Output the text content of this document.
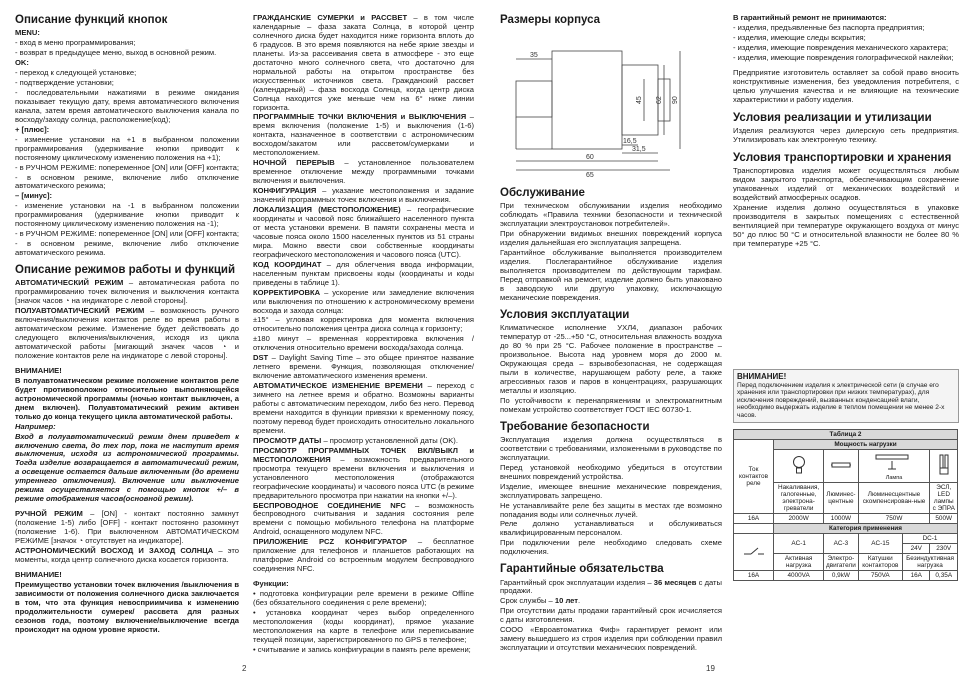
Описание функций кнопок

MENU:

- вход в меню программирования;

- возврат в предыдущее меню, выход в основной режим.

OK:

- переход к следующей установке;

- подтверждение установки;

- последовательными нажатиями в режиме ожидания показывает текущую дату, время автоматического включения канала, затем время автоматического выключения канала по восходу/заходу солнца, расположение(код);

+ [плюс]:

- изменение установки на +1 в выбранном положении программирования (удерживание кнопки приводит к постоянному циклическому изменению положения на +1);

- в РУЧНОМ РЕЖИМЕ: попеременное [ON] или [OFF] контакта;

- в основном режиме, включение либо отключение автоматического режима;

– [минус]:

- изменение установки на -1 в выбранном положении программирования (удерживание кнопки приводит к постоянному циклическому изменению положения на -1);

- в РУЧНОМ РЕЖИМЕ: попеременное [ON] или [OFF] контакта;

- в основном режиме, включение либо отключение автоматического режима.

Описание режимов работы и функций

АВТОМАТИЧЕСКИЙ РЕЖИМ – автоматическая работа по программированию точек включения и выключения контакта [значок часов ◔ на индикаторе с левой стороны].

ПОЛУАВТОМАТИЧЕСКИЙ РЕЖИМ – возможность ручного включения/выключения контактов реле во время работы в автоматическом режиме. Изменение будет действовать до следующего включения/выключения, исходя из цикла автоматической работы [мигающий значек часов ◔ и положение контактов реле на индикаторе с левой стороны].

ВНИМАНИЕ!

В полуавтоматическом режиме положение контактов реле будет противоположно относительно выполняющейся астрономической программы (ночью контакт выключен, а днем включен). Полуавтоматический режим активен только до конца текущего цикла автоматической работы.

Например:

Вход в полуавтоматический режим днем приведет к включению света, до тех пор, пока не наступит время выключения, исходя из астрономической программы. Тогда изделие возвращается в автоматический режим, а освещение остается дальше включенным (до времени утреннего отключения). Включение или выключение режима осуществляется с помощью кнопок +/– в режиме отображения часов(основной режим).

РУЧНОЙ РЕЖИМ – [ON] - контакт постоянно замкнут (положение 1-5) либо [OFF] - контакт постоянно разомкнут (положение 1-6). При выключенном АВТОМАТИЧЕСКОМ РЕЖИМЕ [значок ◔ отсутствует на индикаторе].

АСТРОНОМИЧЕСКИЙ ВОСХОД И ЗАХОД СОЛНЦА – это моменты, когда центр солнечного диска косается горизонта.

ВНИМАНИЕ!

Преимущество установки точек включения /выключения в зависимости от положения солнечного диска заключается в том, что эта функция невосприимчива к изменению продолжительности сумерек/ рассвета для разных сезонов года, поэтому включение/выключение всегда происходит на одном уровне яркости.

ГРАЖДАНСКИЕ СУМЕРКИ и РАССВЕТ – в том числе календарные – фаза заката Солнца, в которой центр солнечного диска будет находится ниже горизонта вплоть до 6 градусов. В это время появляются на небе яркие звезды и планеты. Из-за рассеивания света в атмосфере - это еще достаточно много солнечного света, что достаточно для нормальной работы на открытом пространстве без искусственных источников света. Гражданский рассвет (календарный) – фаза восхода Солнца, когда центр диска Солнца находится уже меньше чем на 6° ниже линии горизонта.

ПРОГРАММНЫЕ ТОЧКИ ВКЛЮЧЕНИЯ и ВЫКЛЮЧЕНИЯ – время включения (положение 1-5) и выключения (1-6) контакта, назначенное в соответствии с астрономическим восходом/закатом или рассветом/сумерками и местоположением.

НОЧНОЙ ПЕРЕРЫВ – установленное пользователем временное отключение между программными точками включения и выключения.

КОНФИГУРАЦИЯ – указание местоположения и задание значений программных точек включения и выключения.

ЛОКАЛИЗАЦИЯ (МЕСТОПОЛОЖЕНИЕ) – географические координаты и часовой пояс ближайшего населенного пункта от места установки времени. В памяти сохранены места и часовые пояса около 1500 населенных пунктов из 51 страны мира. Можно ввести свои собственные координаты географического местоположения и часового пояса (UTC).

КОД КООРДИНАТ – для облегчения ввода информации, населенным пунктам присвоены коды (координаты и коды приведены в таблице 1).

КОРРЕКТИРОВКА – ускорение или замедление включения или выключения по отношению к астрономическому времени восхода и захода солнца:

±15° – угловая корректировка для момента включения относительно положения центра диска солнца к горизонту;

±180 минут – временная корректировка включения /отключения относительно времени восхода/захода солнца.

DST – Daylight Saving Time – это общее принятое название летнего времени. Функция, позволяющая отключение/включение автоматического изменения времени.

АВТОМАТИЧЕСКОЕ ИЗМЕНЕНИЕ ВРЕМЕНИ – переход с зимнего на летнее время и обратно. Возможны варианты работы с автоматическим переходом, либо без него. Перевод времени находится в функции привязки к временному поясу, поэтому перевод будет происходить относительно локального времени.

ПРОСМОТР ДАТЫ – просмотр установленной даты (OK).

ПРОСМОТР ПРОГРАММНЫХ ТОЧЕК ВКЛ/ВЫКЛ и МЕСТОПОЛОЖЕНИЯ – возможность предварительного просмотра текущего времени включения и выключения и установленного местоположения (отображаются географические координаты) и часового пояса UTC (в режиме предварительного просмотра при нажатии на кнопки +/–).

БЕСПРОВОДНОЕ СОЕДИНЕНИЕ NFC – возможность беспроводного считывания и задания состояния реле времени с помощью мобильного телефона на платформе Android, оснащенного модулем NFC.

ПРИЛОЖЕНИЕ PCZ КОНФИГУРАТОР – бесплатное приложение для телефонов и планшетов работающих на платформе Android со встроенным модулем беспроводного соединения NFC.

Функции:

• подготовка конфигурации реле времени в режиме Offline (без обязательного соединения с реле времени);

• установка координат через выбор определенного местоположения (коды координат), прямое указание местоположения на карте в телефоне или переписывание текущей позиции, зарегистрированного по GPS в телефоне;

• считывание и запись конфигурации в память реле времени;

2
Размеры корпуса
35
45 62 90
16,5
31,5
60
65
Обслуживание

При техническом обслуживании изделия необходимо соблюдать «Правила техники безопасности и технической эксплуатации электроустановок потребителей».

При обнаружении видимых внешних повреждений корпуса изделия дальнейшая его эксплуатация запрещена.

Гарантийное обслуживание выполняется производителем изделия. Послегарантийное обслуживание изделия выполняется производителем по действующим тарифам. Перед отправкой на ремонт, изделие должно быть упаковано в заводскую или другую упаковку, исключающую механические повреждения.

Условия эксплуатации

Климатическое исполнение УХЛ4, диапазон рабочих температур от -25...+50 °С, относительная влажность воздуха до 80 % при 25 °С. Рабочее положение в пространстве – произвольное. Высота над уровнем моря до 2000 м. Окружающая среда – взрывобезопасная, не содержащая пыли в количестве, нарушающем работу реле, а также агрессивных газов и паров в концентрациях, разрушающих металлы и изоляцию.

По устойчивости к перенапряжениям и электромагнитным помехам устройство соответствует ГОСТ IEC 60730-1.

Требование безопасности

Эксплуатация изделия должна осуществляться в соответствии с требованиями, изложенными в руководстве по эксплуатации.

Перед установкой необходимо убедиться в отсутствии внешних повреждений устройства.

Изделие, имеющее внешние механические повреждения, эксплуатировать запрещено.

Не устанавливайте реле без защиты в местах где возможно попадания воды или солнечных лучей.

Реле должно устанавливаться и обслуживаться квалифицированным персоналом.

При подключении реле необходимо следовать схеме подключения.

Гарантийные обязательства

Гарантийный срок эксплуатации изделия – 36 месяцев с даты продажи.

Срок службы – 10 лет.

При отсутствии даты продажи гарантийный срок исчисляется с даты изготовления.

СООО «Евроавтоматика Фиф» гарантирует ремонт или замену вышедшего из строя изделия при соблюдении правил эксплуатации и отсутствии механических повреждений.

19

В гарантийный ремонт не принимаются:

- изделия, предъявленные без паспорта предприятия;

- изделия, имеющие следы вскрытия;

- изделия, имеющие повреждения механического характера;

- изделия, имеющие повреждения голографической наклейки;

Предприятие изготовитель оставляет за собой право вносить конструктивные изменения, без уведомления потребителя, с целью улучшения качества и не влияющие на технические характеристики и работу изделия.

Условия реализации и утилизации

Изделия реализуются через дилерскую сеть предприятия. Утилизировать как электронную технику.

Условия транспортировки и хранения

Транспортировка изделия может осуществляться любым видом закрытого транспорта, обеспечивающим сохранение упакованных изделий от механических воздействий и воздействий атмосферных осадков.

Хранение изделия должно осуществляться в упаковке производителя в закрытых помещениях с естественной вентиляцией при температуре окружающего воздуха от минус 50° до плюс 50 °С и относительной влажности не более 80 % при температуре +25 °С.

ВНИМАНИЕ!
Перед подключением изделия к электрической сети (в случае его хранения или транспортировки при низких температурах), для исключения повреждений, вызванных конденсацией влаги, необходимо выдержать изделие в теплом помещении не менее 2-х часов.
Таблица 2					
Ток контактов реле	Мощность нагрузки				

Лампа

	Накаливания, галогенные, электрона-греватели	Люминес-центные	Люминесцентные скомпенсирован-ные		ЭСЛ, LED лампы с ЭПРА
16A	2000W	1000W	750W		500W
	Категория применения				
	AC-1	AC-3	AC-15	DC-1	
				24V	230V
	Активная нагрузка	Электро-двигатели	Катушки контакторов	Безиндуктивная нагрузка	
16A	4000VA	0,9kW	750VA	16A	0,35A
